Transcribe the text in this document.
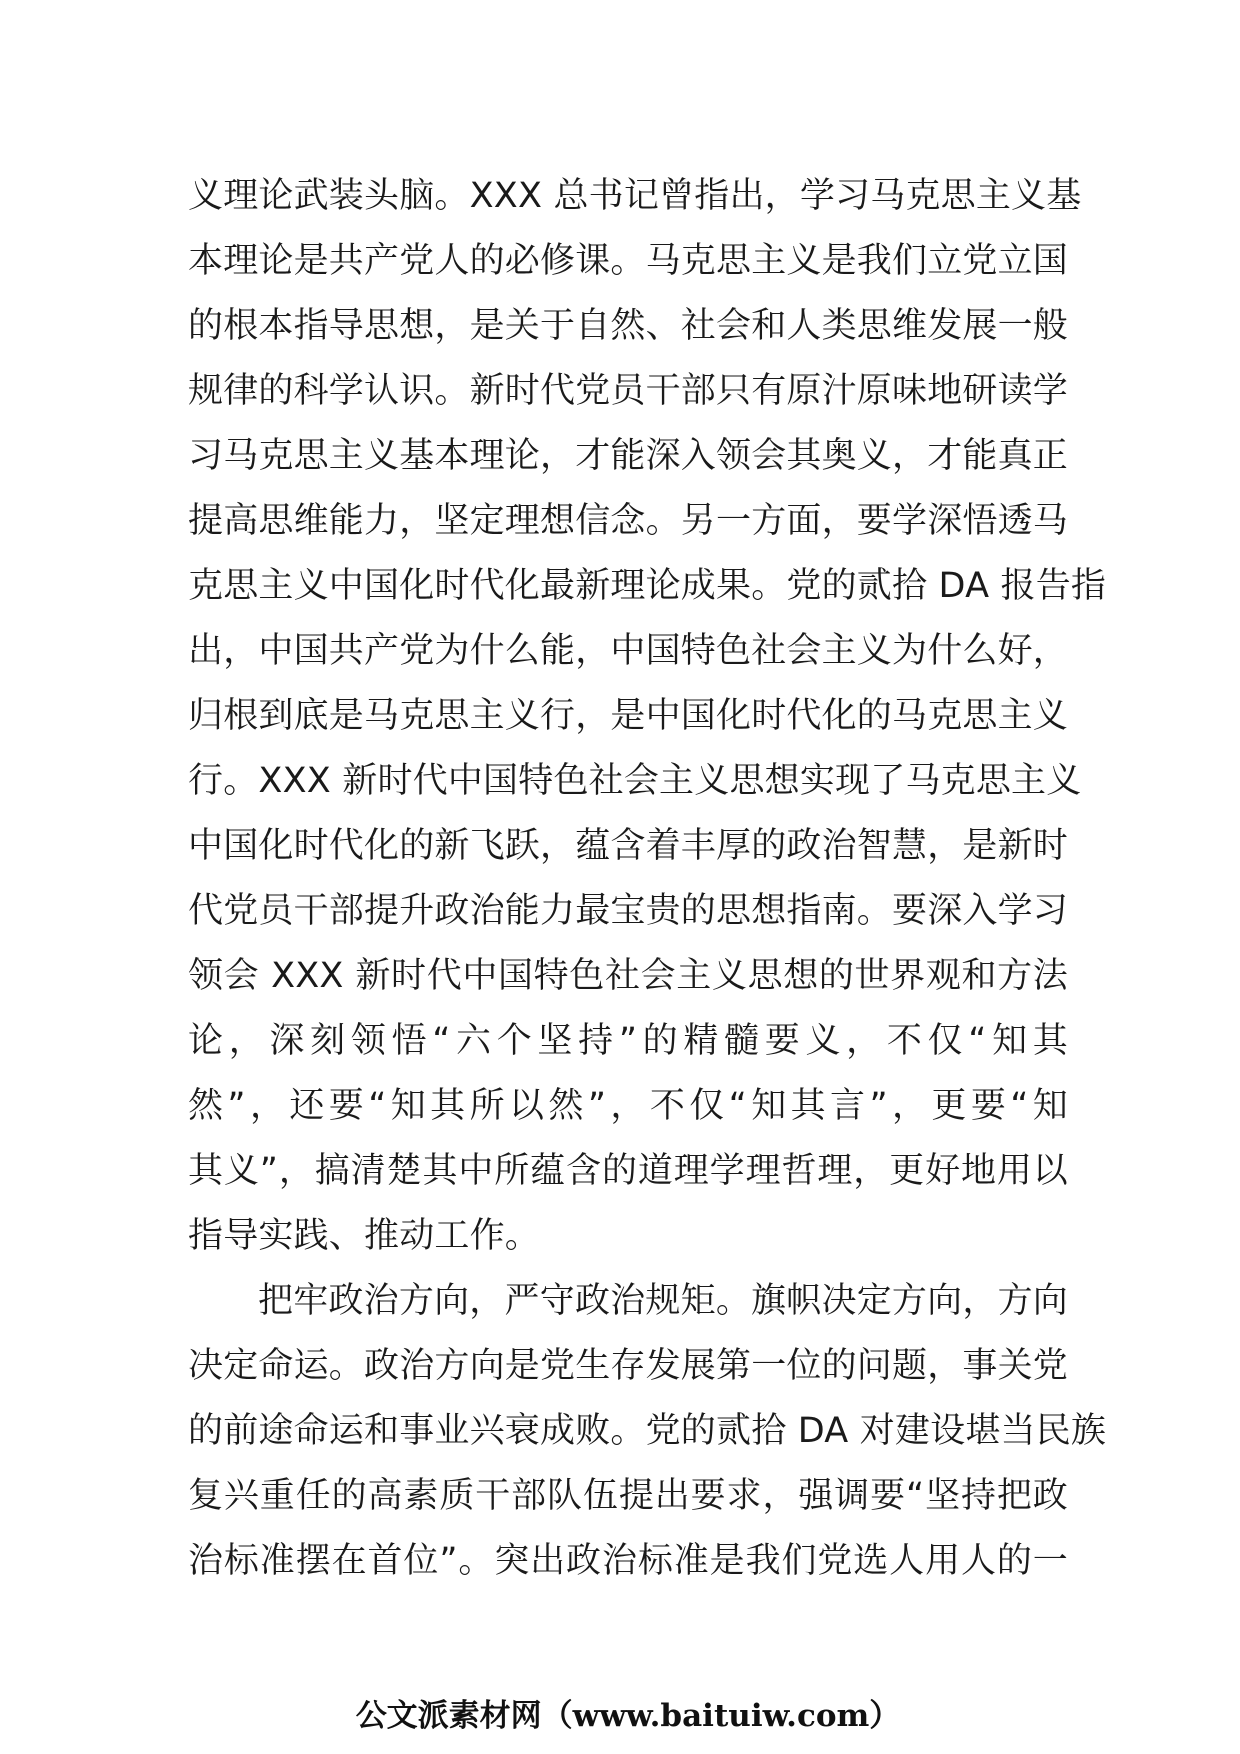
义理论武装头脑。XXX 总书记曾指出，学习马克思主义基
本理论是共产党人的必修课。马克思主义是我们立党立国
的根本指导思想，是关于自然、社会和人类思维发展一般
规律的科学认识。新时代党员干部只有原汁原味地研读学
习马克思主义基本理论，才能深入领会其奥义，才能真正
提高思维能力，坚定理想信念。另一方面，要学深悟透马
克思主义中国化时代化最新理论成果。党的贰拾 DA 报告指
出，中国共产党为什么能，中国特色社会主义为什么好，
归根到底是马克思主义行，是中国化时代化的马克思主义
行。XXX 新时代中国特色社会主义思想实现了马克思主义
中国化时代化的新飞跃，蕴含着丰厚的政治智慧，是新时
代党员干部提升政治能力最宝贵的思想指南。要深入学习
领会 XXX 新时代中国特色社会主义思想的世界观和方法
论，深刻领悟“六个坚持”的精髓要义，不仅“知其
然”，还要“知其所以然”，不仅“知其言”，更要“知
其义”，搞清楚其中所蕴含的道理学理哲理，更好地用以
指导实践、推动工作。
把牢政治方向，严守政治规矩。旗帜决定方向，方向
决定命运。政治方向是党生存发展第一位的问题，事关党
的前途命运和事业兴衰成败。党的贰拾 DA 对建设堪当民族
复兴重任的高素质干部队伍提出要求，强调要“坚持把政
治标准摆在首位”。突出政治标准是我们党选人用人的一
公文派素材网（www.baituiw.com）
